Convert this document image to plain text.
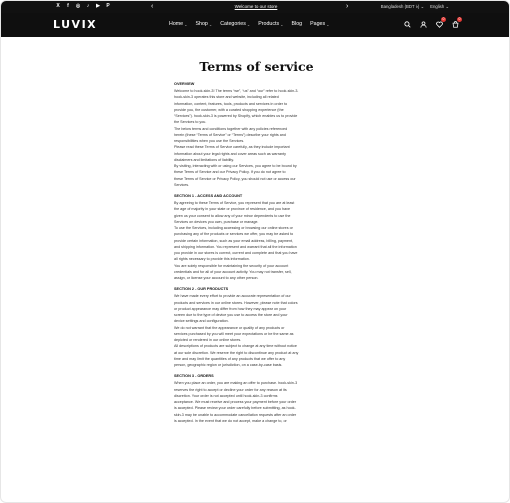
X	f	◎	♪	▶ P	‹	Welcome to our store	›	Bangladesh (BDT ৳) ⌄ English ⌄
LUVIX	Home ⌄ Shop ⌄ Categories ⌄ Products ⌄ Blog Pages ⌄
0	0
Terms of service
OVERVIEW

Welcome to hook-skin-3! The terms “we”, “us” and “our” refer to hook-skin-3.

hook-skin-3 operates this store and website, including all related

information, content, features, tools, products and services in order to

provide you, the customer, with a curated shopping experience (the

“Services”). hook-skin-3 is powered by Shopify, which enables us to provide

the Services to you.

The below terms and conditions together with any policies referenced

herein (these “Terms of Service” or “Terms”) describe your rights and

responsibilities when you use the Services.

Please read these Terms of Service carefully, as they include important

information about your legal rights and cover areas such as warranty

disclaimers and limitations of liability.

By visiting, interacting with or using our Services, you agree to be bound by

these Terms of Service and our Privacy Policy. If you do not agree to

these Terms of Service or Privacy Policy, you should not use or access our

Services.

SECTION 1 - ACCESS AND ACCOUNT

By agreeing to these Terms of Service, you represent that you are at least

the age of majority in your state or province of residence, and you have

given us your consent to allow any of your minor dependents to use the

Services on devices you own, purchase or manage.

To use the Services, including accessing or browsing our online stores or

purchasing any of the products or services we offer, you may be asked to

provide certain information, such as your email address, billing, payment,

and shipping information. You represent and warrant that all the information

you provide in our stores is correct, current and complete and that you have

all rights necessary to provide this information.

You are solely responsible for maintaining the security of your account

credentials and for all of your account activity. You may not transfer, sell,

assign, or license your account to any other person.

SECTION 2 - OUR PRODUCTS

We have made every effort to provide an accurate representation of our

products and services in our online stores. However, please note that colors

or product appearance may differ from how they may appear on your

screen due to the type of device you use to access the store and your

device settings and configuration.

We do not warrant that the appearance or quality of any products or

services purchased by you will meet your expectations or be the same as

depicted or rendered in our online stores.

All descriptions of products are subject to change at any time without notice

at our sole discretion. We reserve the right to discontinue any product at any

time and may limit the quantities of any products that we offer to any

person, geographic region or jurisdiction, on a case-by-case basis.

SECTION 3 - ORDERS

When you place an order, you are making an offer to purchase. hook-skin-3

reserves the right to accept or decline your order for any reason at its

discretion. Your order is not accepted until hook-skin-3 confirms

acceptance. We must receive and process your payment before your order

is accepted. Please review your order carefully before submitting, as hook-

skin-3 may be unable to accommodate cancellation requests after an order

is accepted. In the event that we do not accept, make a change to, or
